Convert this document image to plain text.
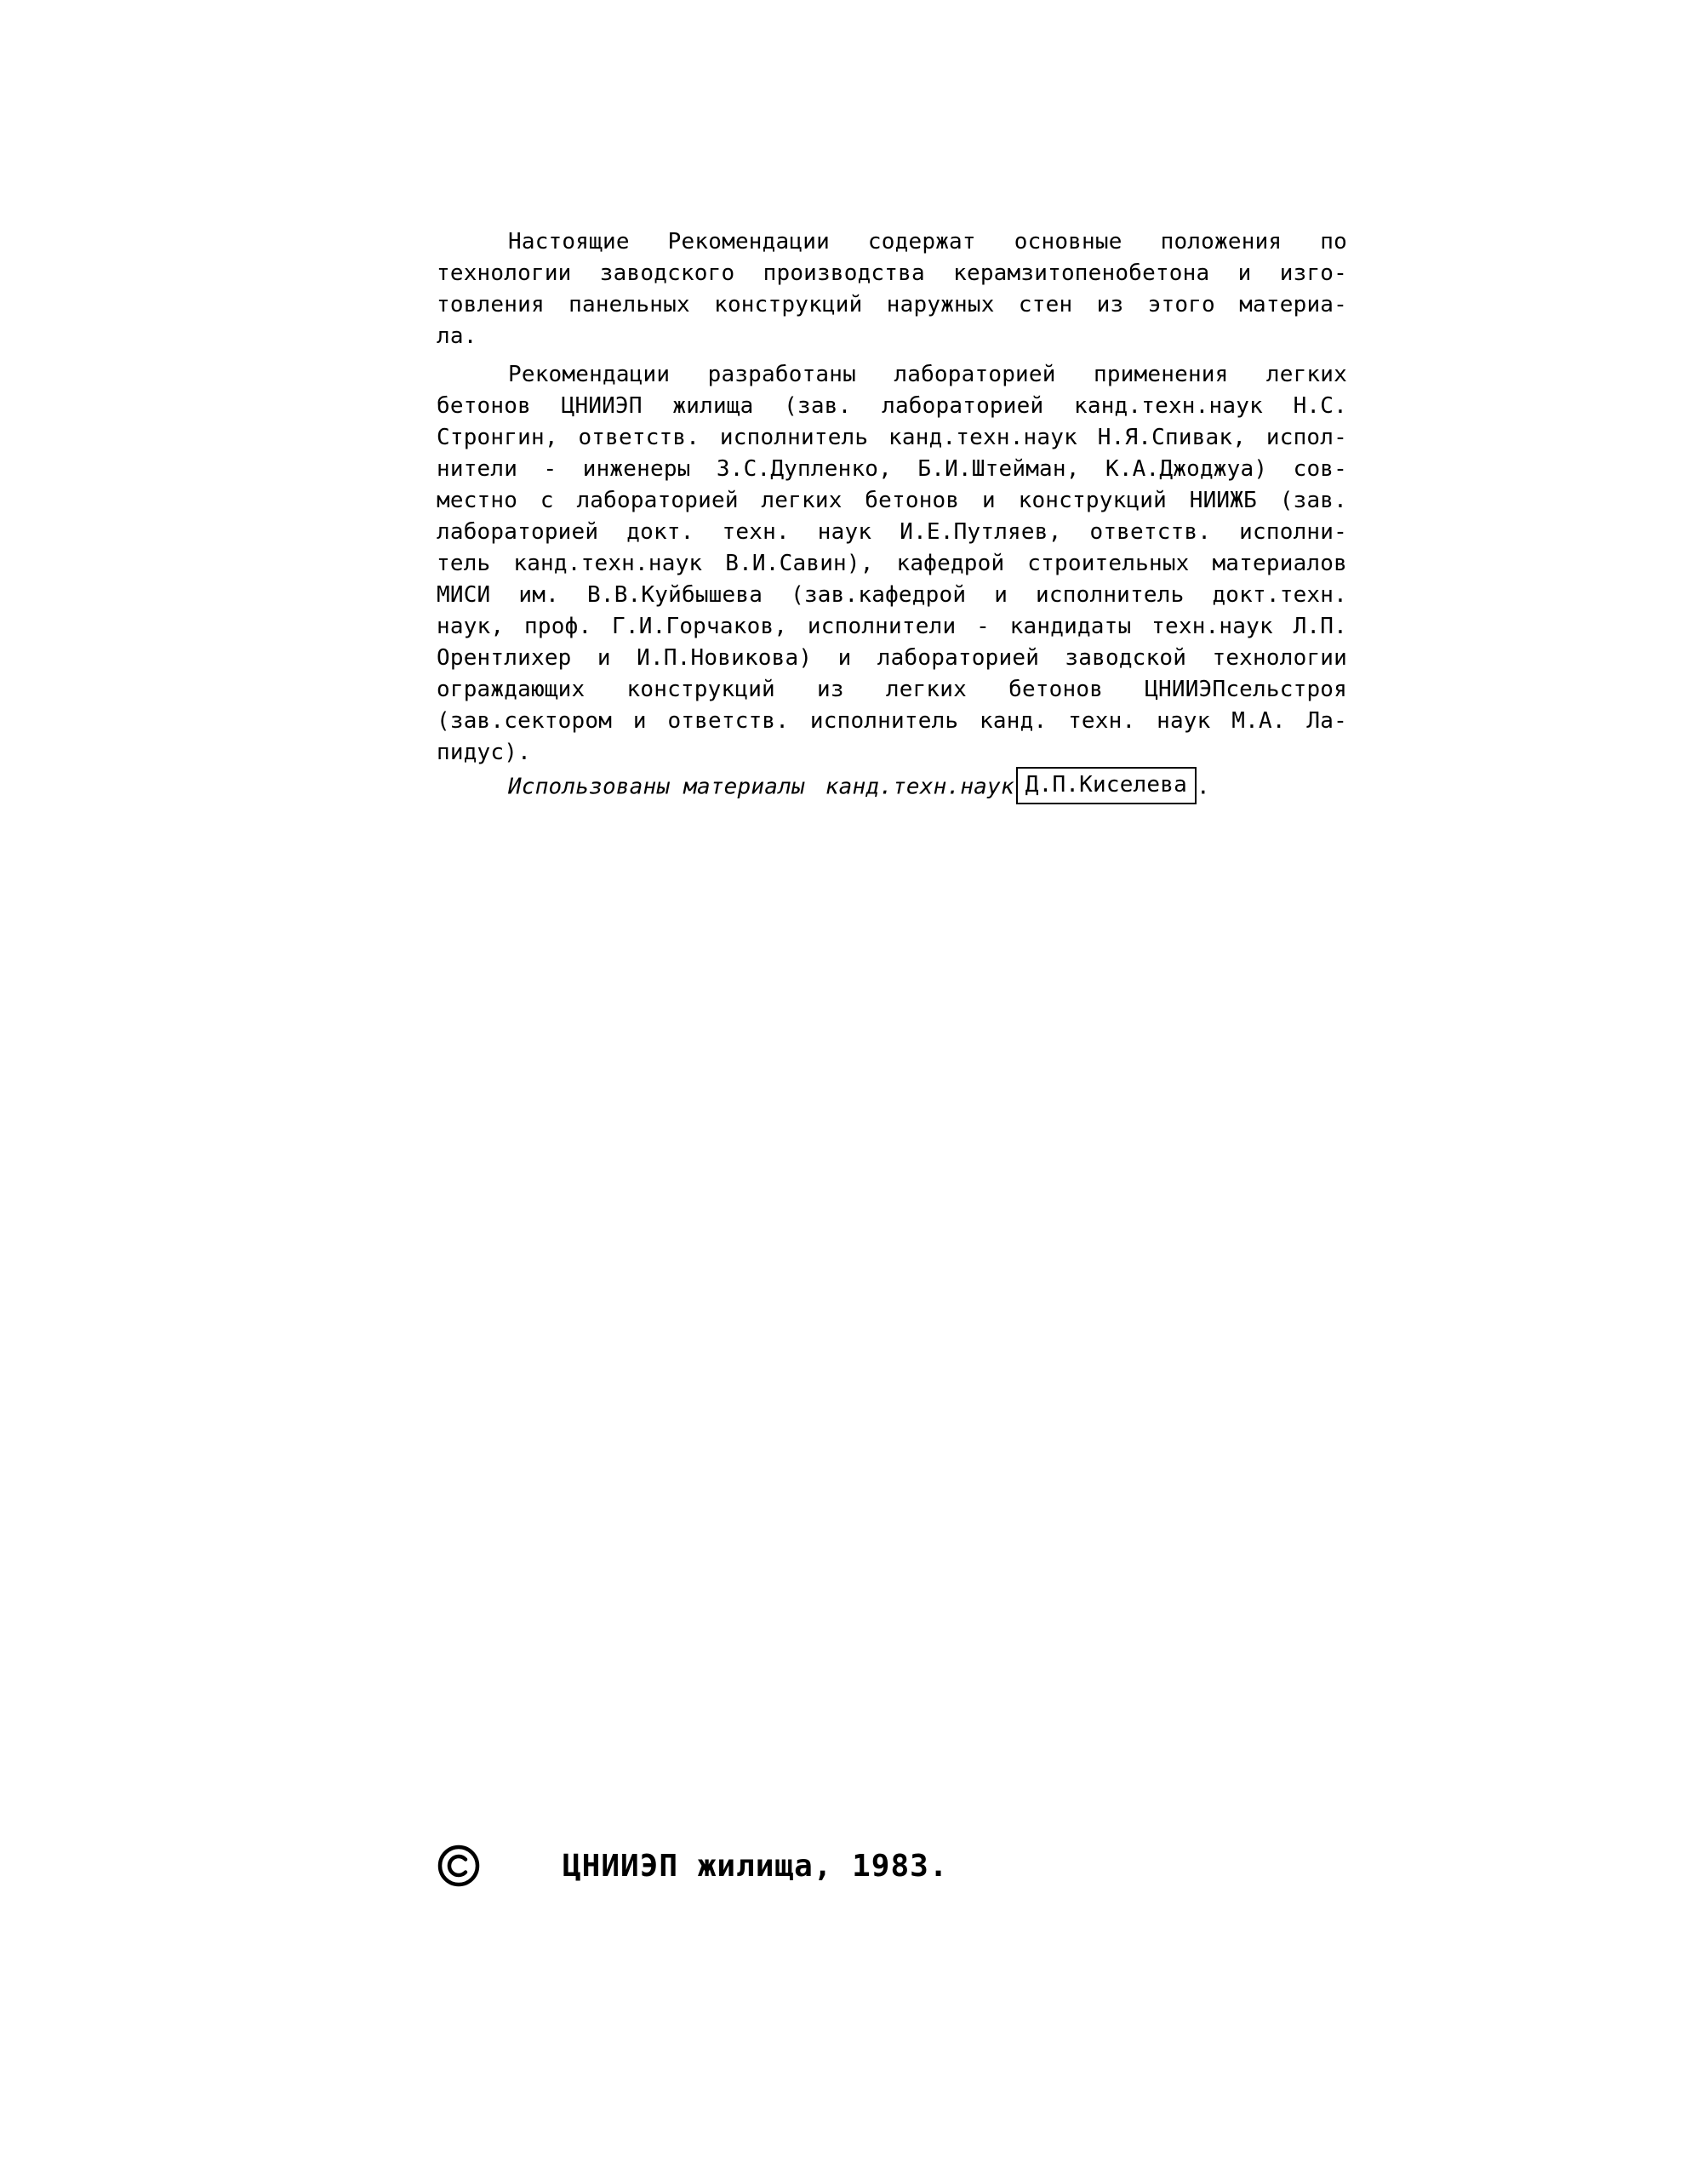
Настоящие Рекомендации содержат основные положения по
технологии заводского производства керамзитопенобетона и изго-
товления панельных конструкций наружных стен из этого материа-
ла.
Рекомендации разработаны лабораторией применения легких
бетонов ЦНИИЭП жилища (зав. лабораторией канд.техн.наук Н.С.
Стронгин, ответств. исполнитель канд.техн.наук Н.Я.Спивак, испол-
нители - инженеры З.С.Дупленко, Б.И.Штейман, К.А.Джоджуа) сов-
местно с лабораторией легких бетонов и конструкций НИИЖБ (зав.
лабораторией докт. техн. наук И.Е.Путляев, ответств. исполни-
тель канд.техн.наук В.И.Савин), кафедрой строительных материалов
МИСИ им. В.В.Куйбышева (зав.кафедрой и исполнитель докт.техн.
наук, проф. Г.И.Горчаков, исполнители - кандидаты техн.наук Л.П.
Орентлихер и И.П.Новикова) и лабораторией заводской технологии
ограждающих конструкций из легких бетонов ЦНИИЭПсельстроя
(зав.сектором и ответств. исполнитель канд. техн. наук М.А. Ла-
пидус).
Использованы материалы канд.техн.наук Д.П.Киселева .
ЦНИИЭП жилища, 1983.
